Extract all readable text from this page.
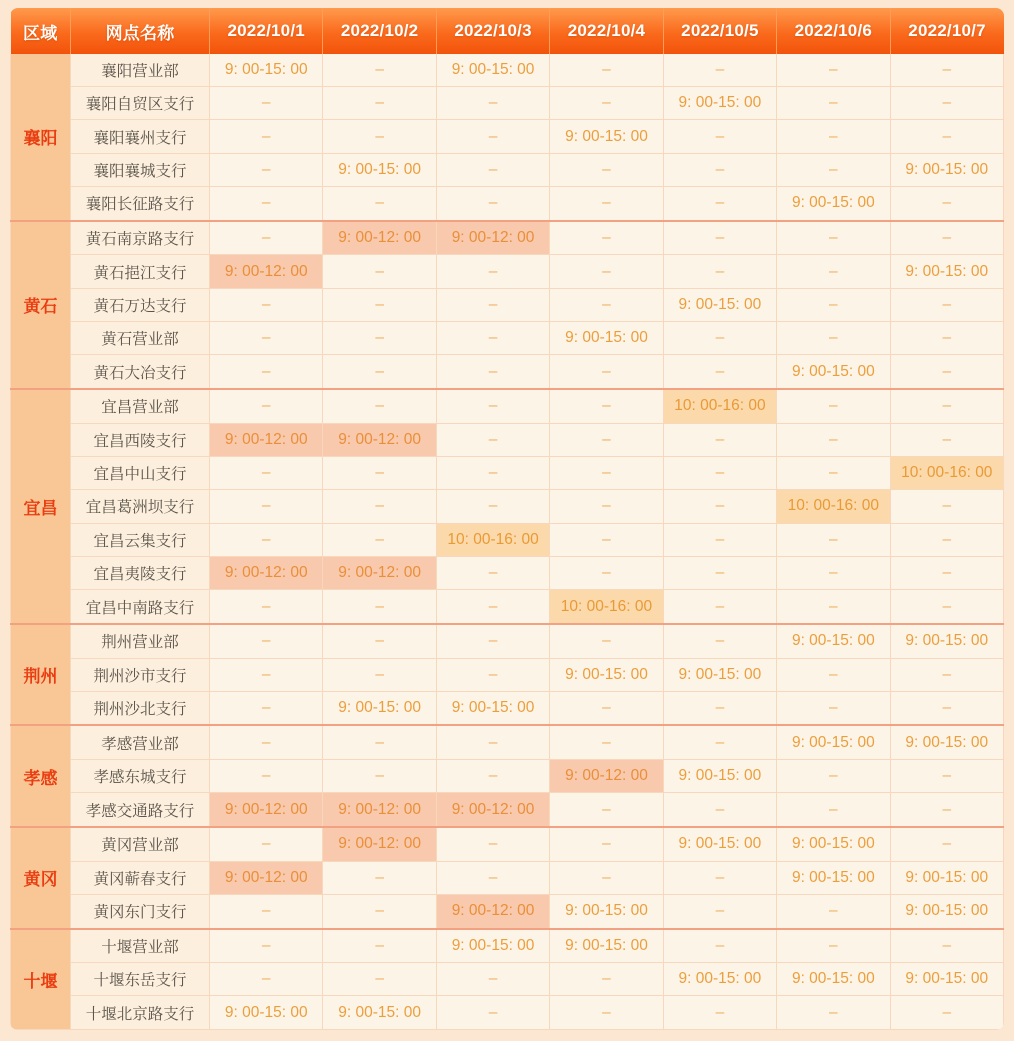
区域	网点名称	2022/10/1	2022/10/2	2022/10/3	2022/10/4	2022/10/5	2022/10/6	2022/10/7
襄阳	襄阳营业部	9: 00-15: 00	–	9: 00-15: 00	–	–	–	–
	襄阳自贸区支行	–	–	–	–	9: 00-15: 00	–	–
	襄阳襄州支行	–	–	–	9: 00-15: 00	–	–	–
	襄阳襄城支行	–	9: 00-15: 00	–	–	–	–	9: 00-15: 00
	襄阳长征路支行	–	–	–	–	–	9: 00-15: 00	–
黄石	黄石南京路支行	–	9: 00-12: 00	9: 00-12: 00	–	–	–	–
	黄石挹江支行	9: 00-12: 00	–	–	–	–	–	9: 00-15: 00
	黄石万达支行	–	–	–	–	9: 00-15: 00	–	–
	黄石营业部	–	–	–	9: 00-15: 00	–	–	–
	黄石大冶支行	–	–	–	–	–	9: 00-15: 00	–
宜昌	宜昌营业部	–	–	–	–	10: 00-16: 00	–	–
	宜昌西陵支行	9: 00-12: 00	9: 00-12: 00	–	–	–	–	–
	宜昌中山支行	–	–	–	–	–	–	10: 00-16: 00
	宜昌葛洲坝支行	–	–	–	–	–	10: 00-16: 00	–
	宜昌云集支行	–	–	10: 00-16: 00	–	–	–	–
	宜昌夷陵支行	9: 00-12: 00	9: 00-12: 00	–	–	–	–	–
	宜昌中南路支行	–	–	–	10: 00-16: 00	–	–	–
荆州	荆州营业部	–	–	–	–	–	9: 00-15: 00	9: 00-15: 00
	荆州沙市支行	–	–	–	9: 00-15: 00	9: 00-15: 00	–	–
	荆州沙北支行	–	9: 00-15: 00	9: 00-15: 00	–	–	–	–
孝感	孝感营业部	–	–	–	–	–	9: 00-15: 00	9: 00-15: 00
	孝感东城支行	–	–	–	9: 00-12: 00	9: 00-15: 00	–	–
	孝感交通路支行	9: 00-12: 00	9: 00-12: 00	9: 00-12: 00	–	–	–	–
黄冈	黄冈营业部	–	9: 00-12: 00	–	–	9: 00-15: 00	9: 00-15: 00	–
	黄冈蕲春支行	9: 00-12: 00	–	–	–	–	9: 00-15: 00	9: 00-15: 00
	黄冈东门支行	–	–	9: 00-12: 00	9: 00-15: 00	–	–	9: 00-15: 00
十堰	十堰营业部	–	–	9: 00-15: 00	9: 00-15: 00	–	–	–
	十堰东岳支行	–	–	–	–	9: 00-15: 00	9: 00-15: 00	9: 00-15: 00
	十堰北京路支行	9: 00-15: 00	9: 00-15: 00	–	–	–	–	–
